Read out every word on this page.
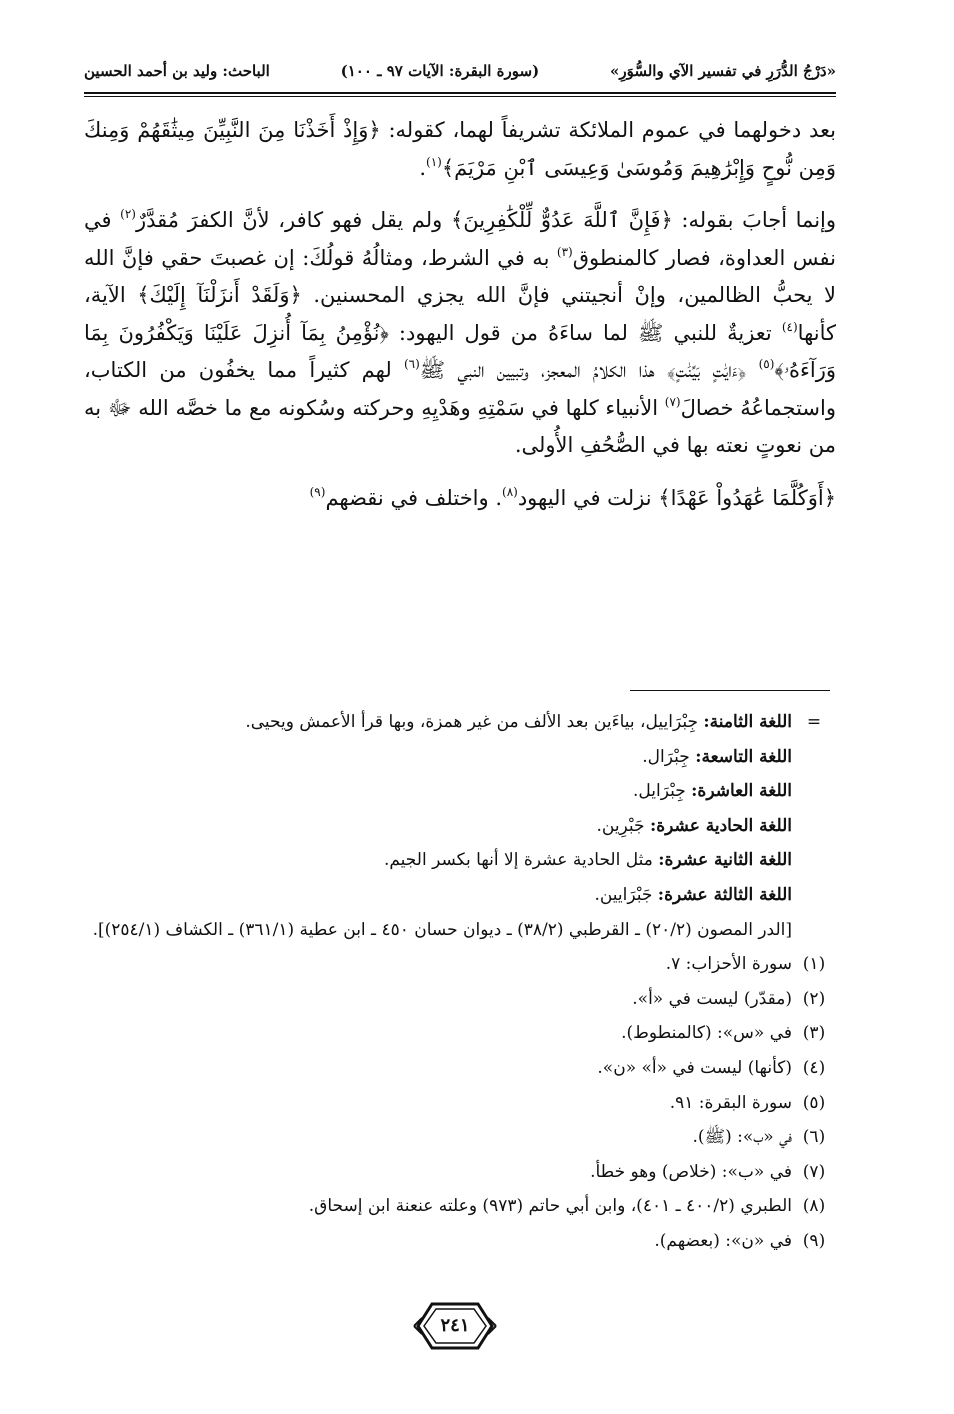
«دَرْجُ الدُّرَرِ في تفسير الآي والسُّوَرِ»
(سورة البقرة: الآيات ٩٧ ـ ١٠٠)
الباحث: وليد بن أحمد الحسين

بعد دخولهما في عموم الملائكة تشريفاً لهما، كقوله: ﴿وَإِذْ أَخَذْنَا مِنَ النَّبِيِّنَ مِيثَٰقَهُمْ وَمِنكَ وَمِن نُّوحٍ وَإِبْرَٰهِيمَ وَمُوسَىٰ وَعِيسَى ٱبْنِ مَرْيَمَ﴾$^{(١)}$.

وإنما أجابَ بقوله: ﴿فَإِنَّ ٱللَّهَ عَدُوٌّ لِّلْكَٰفِرِينَ﴾ ولم يقل فهو كافر، لأنَّ الكفرَ مُقدَّرٌ$^{(٢)}$ في نفس العداوة، فصار كالمنطوق$^{(٣)}$ به في الشرط، ومثالُهُ قولُكَ: إن غصبتَ حقي فإنَّ الله لا يحبُّ الظالمين، وإنْ أنجيتني فإنَّ الله يجزي المحسنين. ﴿وَلَقَدْ أَنزَلْنَآ إِلَيْكَ﴾ الآية، كأنها$^{(٤)}$ تعزيةٌ للنبي ﷺ لما ساءَهُ من قول اليهود: ﴿نُؤْمِنُ بِمَآ أُنزِلَ عَلَيْنَا وَيَكْفُرُونَ بِمَا وَرَآءَهُۥ﴾$^{(٥)}$ ﴿ءَايَٰتٍ بَيِّنَٰتٍ﴾ هذا الكلامُ المعجز، وتبيين النبي ﷺ$^{(٦)}$ لهم كثيراً مما يخفُون من الكتاب، واستجماعُهُ خصالَ$^{(٧)}$ الأنبياء كلها في سَمْتِهِ وهَدْيِهِ وحركته وسُكونه مع ما خصَّه الله ﷻ به من نعوتٍ نعته بها في الصُّحُفِ الأُولى.

﴿أَوَكُلَّمَا عَٰهَدُواْ عَهْدًا﴾ نزلت في اليهود$^{(٨)}$. واختلف في نقضهم$^{(٩)}$

=
اللغة الثامنة: جِبْرَاييل، بياءَين بعد الألف من غير همزة، وبها قرأ الأعمش ويحيى.
اللغة التاسعة: جِبْرَال.
اللغة العاشرة: جِبْرَايل.
اللغة الحادية عشرة: جَبْرِين.
اللغة الثانية عشرة: مثل الحادية عشرة إلا أنها بكسر الجيم.
اللغة الثالثة عشرة: جَبْرَايين.
[الدر المصون (٢٠/٢) ـ القرطبي (٣٨/٢) ـ ديوان حسان ٤٥٠ ـ ابن عطية (٣٦١/١) ـ الكشاف (٢٥٤/١)].
(١)
سورة الأحزاب: ٧.
(٢)
(مقدّر) ليست في «أ».
(٣)
في «س»: (كالمنطوط).
(٤)
(كأنها) ليست في «أ» «ن».
(٥)
سورة البقرة: ٩١.
(٦)
في «ب»: (ﷺ).
(٧)
في «ب»: (خلاص) وهو خطأ.
(٨)
الطبري (٤٠٠/٢ ـ ٤٠١)، وابن أبي حاتم (٩٧٣) وعلته عنعنة ابن إسحاق.
(٩)
في «ن»: (بعضهم).
٢٤١
